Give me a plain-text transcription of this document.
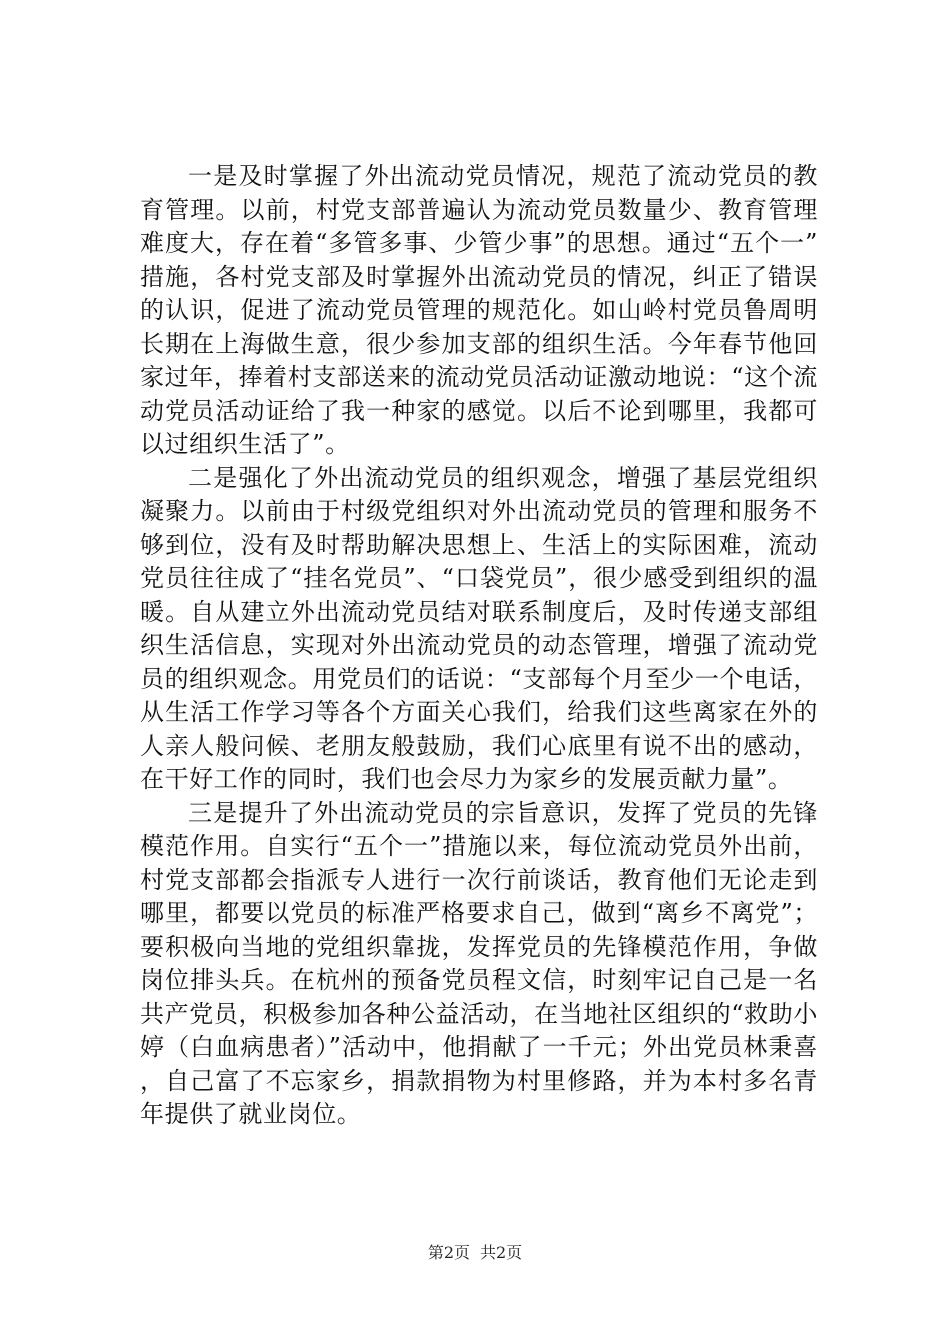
一是及时掌握了外出流动党员情况，规范了流动党员的教育管理。以前，村党支部普遍认为流动党员数量少、教育管理难度大，存在着“多管多事、少管少事”的思想。通过“五个一”措施，各村党支部及时掌握外出流动党员的情况，纠正了错误的认识，促进了流动党员管理的规范化。如山岭村党员鲁周明长期在上海做生意，很少参加支部的组织生活。今年春节他回家过年，捧着村支部送来的流动党员活动证激动地说：“这个流动党员活动证给了我一种家的感觉。以后不论到哪里，我都可以过组织生活了”。

二是强化了外出流动党员的组织观念，增强了基层党组织凝聚力。以前由于村级党组织对外出流动党员的管理和服务不够到位，没有及时帮助解决思想上、生活上的实际困难，流动党员往往成了“挂名党员”、“口袋党员”，很少感受到组织的温暖。自从建立外出流动党员结对联系制度后，及时传递支部组织生活信息，实现对外出流动党员的动态管理，增强了流动党员的组织观念。用党员们的话说：“支部每个月至少一个电话，从生活工作学习等各个方面关心我们，给我们这些离家在外的人亲人般问候、老朋友般鼓励，我们心底里有说不出的感动，在干好工作的同时，我们也会尽力为家乡的发展贡献力量”。

三是提升了外出流动党员的宗旨意识，发挥了党员的先锋模范作用。自实行“五个一”措施以来，每位流动党员外出前，村党支部都会指派专人进行一次行前谈话，教育他们无论走到哪里，都要以党员的标准严格要求自己，做到“离乡不离党”；要积极向当地的党组织靠拢，发挥党员的先锋模范作用，争做岗位排头兵。在杭州的预备党员程文信，时刻牢记自己是一名共产党员，积极参加各种公益活动，在当地社区组织的“救助小婷（白血病患者）”活动中，他捐献了一千元；外出党员林秉喜，自己富了不忘家乡，捐款捐物为村里修路，并为本村多名青年提供了就业岗位。

第2页 共2页
